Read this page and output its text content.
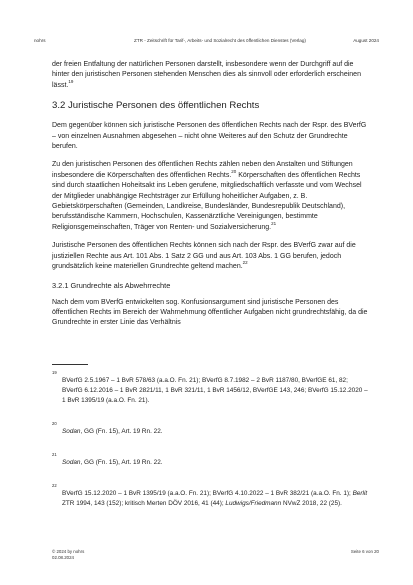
nohrs	ZTR - Zeitschrift für Tarif-, Arbeits- und Sozialrecht des öffentlichen Dienstes (Verlag)	August 2024

der freien Entfaltung der natürlichen Personen darstellt, insbesondere wenn der Durchgriff auf die hinter den juristischen Personen stehenden Menschen dies als sinnvoll oder erforderlich erscheinen lässt.$^{19}$

3.2 Juristische Personen des öffentlichen Rechts

Dem gegenüber können sich juristische Personen des öffentlichen Rechts nach der Rspr. des BVerfG – von einzelnen Ausnahmen abgesehen – nicht ohne Weiteres auf den Schutz der Grundrechte berufen.

Zu den juristischen Personen des öffentlichen Rechts zählen neben den Anstalten und Stiftungen insbesondere die Körperschaften des öffentlichen Rechts.$^{20}$ Körperschaften des öffentlichen Rechts sind durch staatlichen Hoheitsakt ins Leben gerufene, mitgliedschaftlich verfasste und vom Wechsel der Mitglieder unabhängige Rechtsträger zur Erfüllung hoheitlicher Aufgaben, z. B. Gebietskörperschaften (Gemeinden, Landkreise, Bundesländer, Bundesrepublik Deutschland), berufsständische Kammern, Hochschulen, Kassenärztliche Vereinigungen, bestimmte Religionsgemeinschaften, Träger von Renten- und Sozialversicherung.$^{21}$

Juristische Personen des öffentlichen Rechts können sich nach der Rspr. des BVerfG zwar auf die justiziellen Rechte aus Art. 101 Abs. 1 Satz 2 GG und aus Art. 103 Abs. 1 GG berufen, jedoch grundsätzlich keine materiellen Grundrechte geltend machen.$^{22}$

3.2.1 Grundrechte als Abwehrrechte

Nach dem vom BVerfG entwickelten sog. Konfusionsargument sind juristische Personen des öffentlichen Rechts im Bereich der Wahrnehmung öffentlicher Aufgaben nicht grundrechtsfähig, da die Grundrechte in erster Linie das Verhältnis

19
BVerfG 2.5.1967 – 1 BvR 578/63 (a.a.O. Fn. 21); BVerfG 8.7.1982 – 2 BvR 1187/80, BVerfGE 61, 82; BVerfG 6.12.2016 – 1 BvR 2821/11, 1 BvR 321/11, 1 BvR 1456/12, BVerfGE 143, 246; BVerfG 15.12.2020 – 1 BvR 1395/19 (a.a.O. Fn. 21).
20
Sodan, GG (Fn. 15), Art. 19 Rn. 22.
21
Sodan, GG (Fn. 15), Art. 19 Rn. 22.
22
BVerfG 15.12.2020 – 1 BvR 1395/19 (a.a.O. Fn. 21); BVerfG 4.10.2022 – 1 BvR 382/21 (a.a.O. Fn. 1); Berlit ZTR 1994, 143 (152); kritisch Merten DÖV 2016, 41 (44); Ludwigs/Friedmann NVwZ 2018, 22 (25).
© 2024 by nohrs
02.08.2024
Seite 6 von 20
